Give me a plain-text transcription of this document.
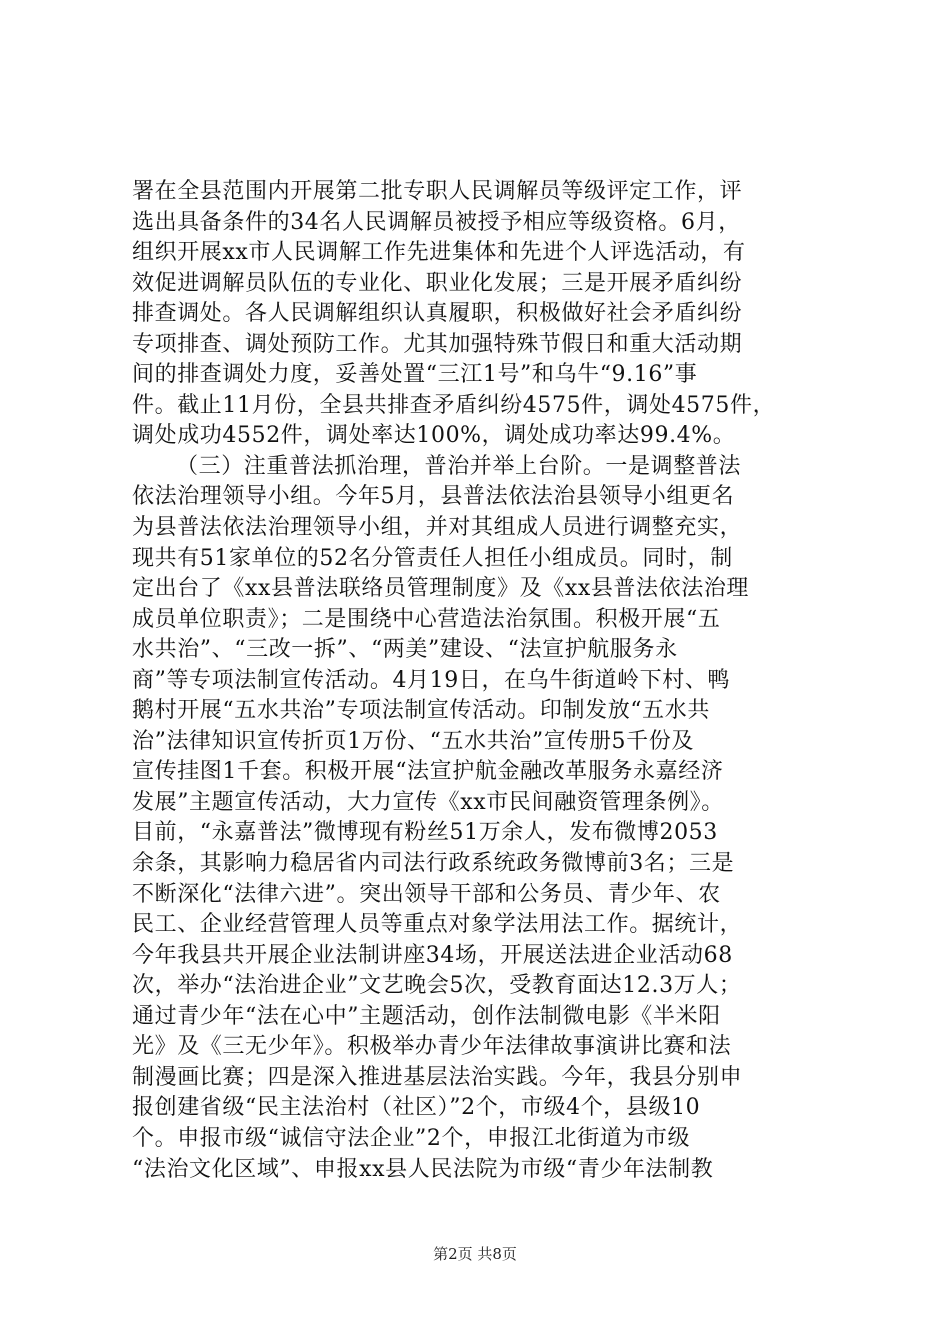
署在全县范围内开展第二批专职人民调解员等级评定工作，评
选出具备条件的34名人民调解员被授予相应等级资格。6月，
组织开展xx市人民调解工作先进集体和先进个人评选活动，有
效促进调解员队伍的专业化、职业化发展；三是开展矛盾纠纷
排查调处。各人民调解组织认真履职，积极做好社会矛盾纠纷
专项排查、调处预防工作。尤其加强特殊节假日和重大活动期
间的排查调处力度，妥善处置“三江1号”和乌牛“9.16”事
件。截止11月份，全县共排查矛盾纠纷4575件，调处4575件，
调处成功4552件，调处率达100%，调处成功率达99.4%。
（三）注重普法抓治理，普治并举上台阶。一是调整普法
依法治理领导小组。今年5月，县普法依法治县领导小组更名
为县普法依法治理领导小组，并对其组成人员进行调整充实，
现共有51家单位的52名分管责任人担任小组成员。同时，制
定出台了《xx县普法联络员管理制度》及《xx县普法依法治理
成员单位职责》；二是围绕中心营造法治氛围。积极开展“五
水共治”、“三改一拆”、“两美”建设、“法宣护航服务永
商”等专项法制宣传活动。4月19日，在乌牛街道岭下村、鸭
鹅村开展“五水共治”专项法制宣传活动。印制发放“五水共
治”法律知识宣传折页1万份、“五水共治”宣传册5千份及
宣传挂图1千套。积极开展“法宣护航金融改革服务永嘉经济
发展”主题宣传活动，大力宣传《xx市民间融资管理条例》。
目前，“永嘉普法”微博现有粉丝51万余人，发布微博2053
余条，其影响力稳居省内司法行政系统政务微博前3名；三是
不断深化“法律六进”。突出领导干部和公务员、青少年、农
民工、企业经营管理人员等重点对象学法用法工作。据统计，
今年我县共开展企业法制讲座34场，开展送法进企业活动68
次，举办“法治进企业”文艺晚会5次，受教育面达12.3万人；
通过青少年“法在心中”主题活动，创作法制微电影《半米阳
光》及《三无少年》。积极举办青少年法律故事演讲比赛和法
制漫画比赛；四是深入推进基层法治实践。今年，我县分别申
报创建省级“民主法治村（社区）”2个，市级4个，县级10
个。申报市级“诚信守法企业”2个，申报江北街道为市级
“法治文化区域”、申报xx县人民法院为市级“青少年法制教
第2页 共8页
